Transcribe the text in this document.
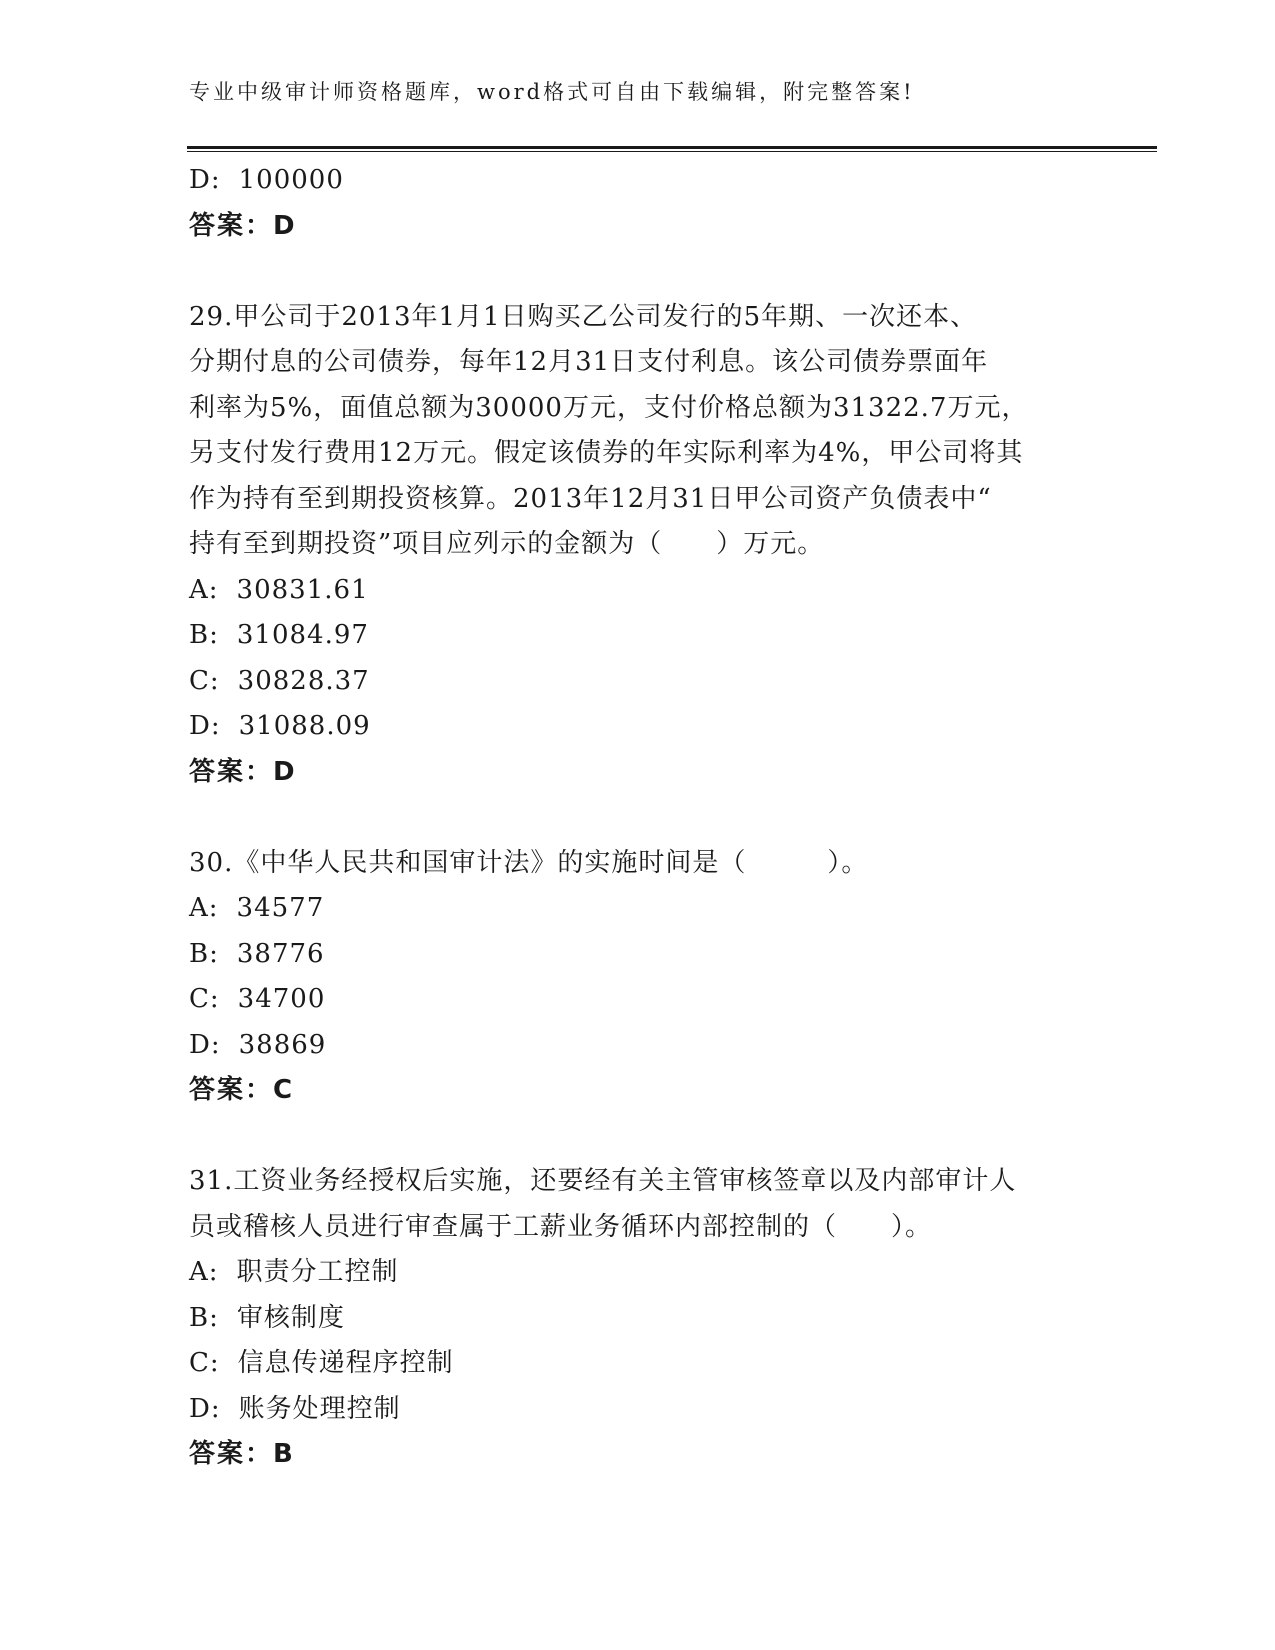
专业中级审计师资格题库，word格式可自由下载编辑，附完整答案!
D: 100000
答案：D
29.甲公司于2013年1月1日购买乙公司发行的5年期、一次还本、
分期付息的公司债券，每年12月31日支付利息。该公司债券票面年
利率为5%，面值总额为30000万元，支付价格总额为31322.7万元，
另支付发行费用12万元。假定该债券的年实际利率为4%，甲公司将其
作为持有至到期投资核算。2013年12月31日甲公司资产负债表中“
持有至到期投资”项目应列示的金额为（　　）万元。
A: 30831.61
B: 31084.97
C: 30828.37
D: 31088.09
答案：D
30.《中华人民共和国审计法》的实施时间是（　　　）。
A: 34577
B: 38776
C: 34700
D: 38869
答案：C
31.工资业务经授权后实施，还要经有关主管审核签章以及内部审计人
员或稽核人员进行审查属于工薪业务循环内部控制的（　　）。
A: 职责分工控制
B: 审核制度
C: 信息传递程序控制
D: 账务处理控制
答案：B
